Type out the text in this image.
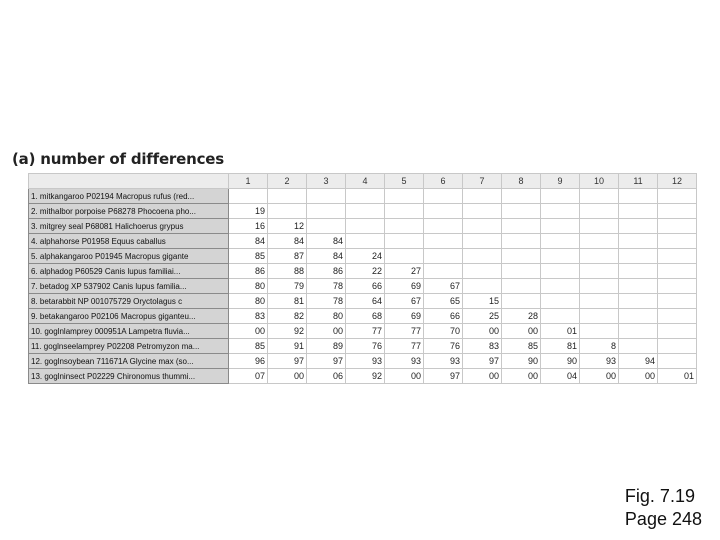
(a) number of differences
	1	2	3	4	5	6	7	8	9	10	11	12
1. mitkangaroo P02194 Macropus rufus (red...												
2. mithalbor porpoise P68278 Phocoena pho...	19											
3. mitgrey seal P68081 Halichoerus grypus	16	12										
4. alphahorse P01958 Equus caballus	84	84	84									
5. alphakangaroo P01945 Macropus gigante	85	87	84	24								
6. alphadog P60529 Canis lupus familiai...	86	88	86	22	27							
7. betadog XP 537902 Canis lupus familia...	80	79	78	66	69	67						
8. betarabbit NP 001075729 Oryctolagus c	80	81	78	64	67	65	15					
9. betakangaroo P02106 Macropus giganteu...	83	82	80	68	69	66	25	28				
10. goglnlamprey 000951A Lampetra fluvia...	00	92	00	77	77	70	00	00	01			
11. goglnseelamprey P02208 Petromyzon ma...	85	91	89	76	77	76	83	85	81	8		
12. goglnsoybean 711671A Glycine max (so...	96	97	97	93	93	93	97	90	90	93	94	
13. goglninsect P02229 Chironomus thummi...	07	00	06	92	00	97	00	00	04	00	00	01
Fig. 7.19
Page 248
